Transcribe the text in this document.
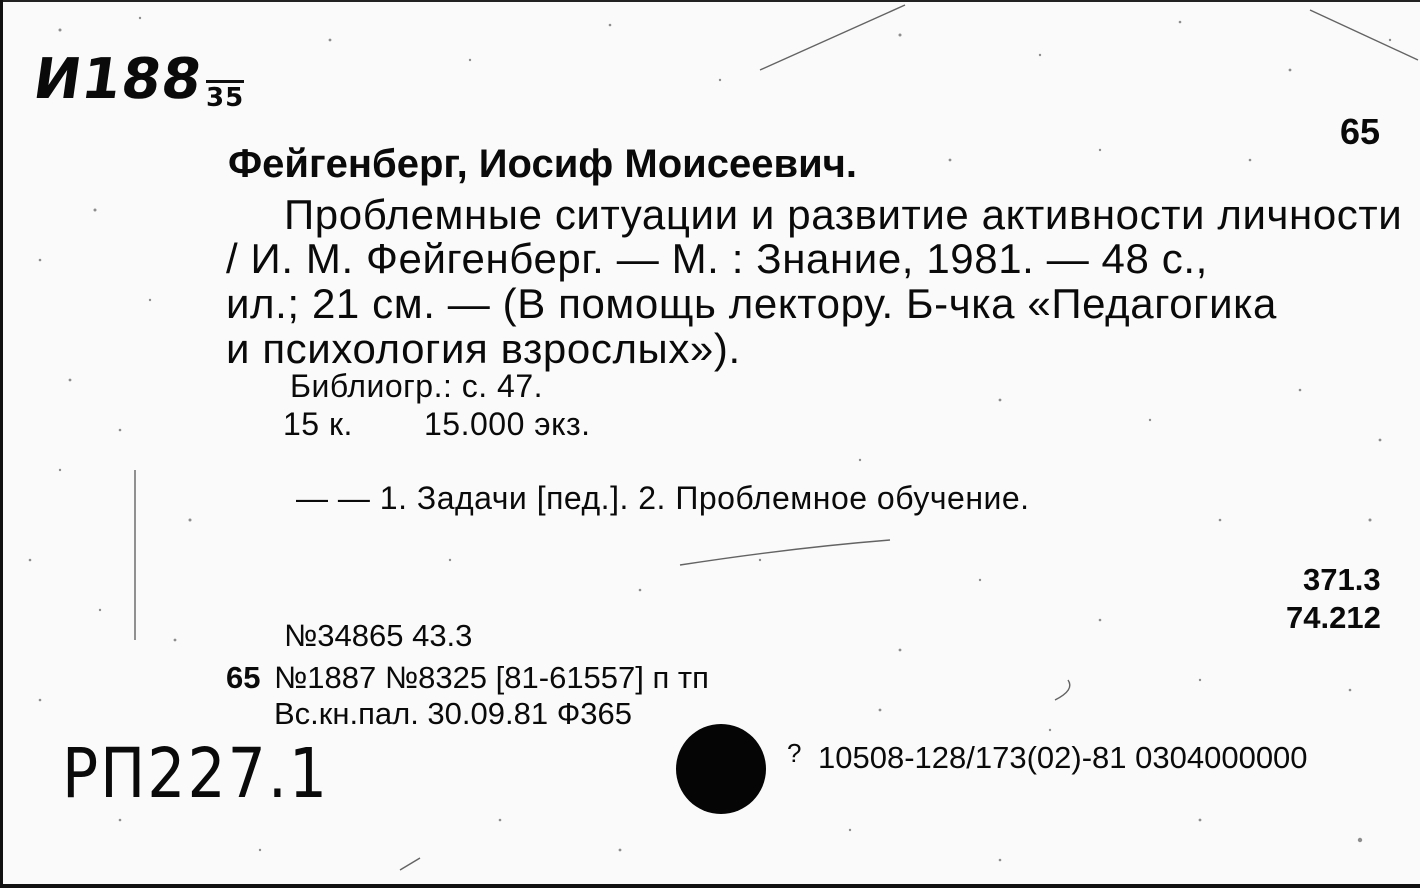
И188 35
65
Фейгенберг, Иосиф Моисеевич.
Проблемные ситуации и развитие активности личности
/ И. М. Фейгенберг. — М. : Знание, 1981. — 48 с.,
ил.; 21 см. — (В помощь лектору. Б-чка «Педагогика
и психология взрослых»).
Библиогр.: с. 47.
15 к. 15.000 экз.
— — 1. Задачи [пед.]. 2. Проблемное обучение.
371.3
74.212
№34865 43.3
65 №1887 №8325 [81-61557] п тп
Вс.кн.пал. 30.09.81 Ф365
? 10508-128/173(02)-81 0304000000
РП227.1
